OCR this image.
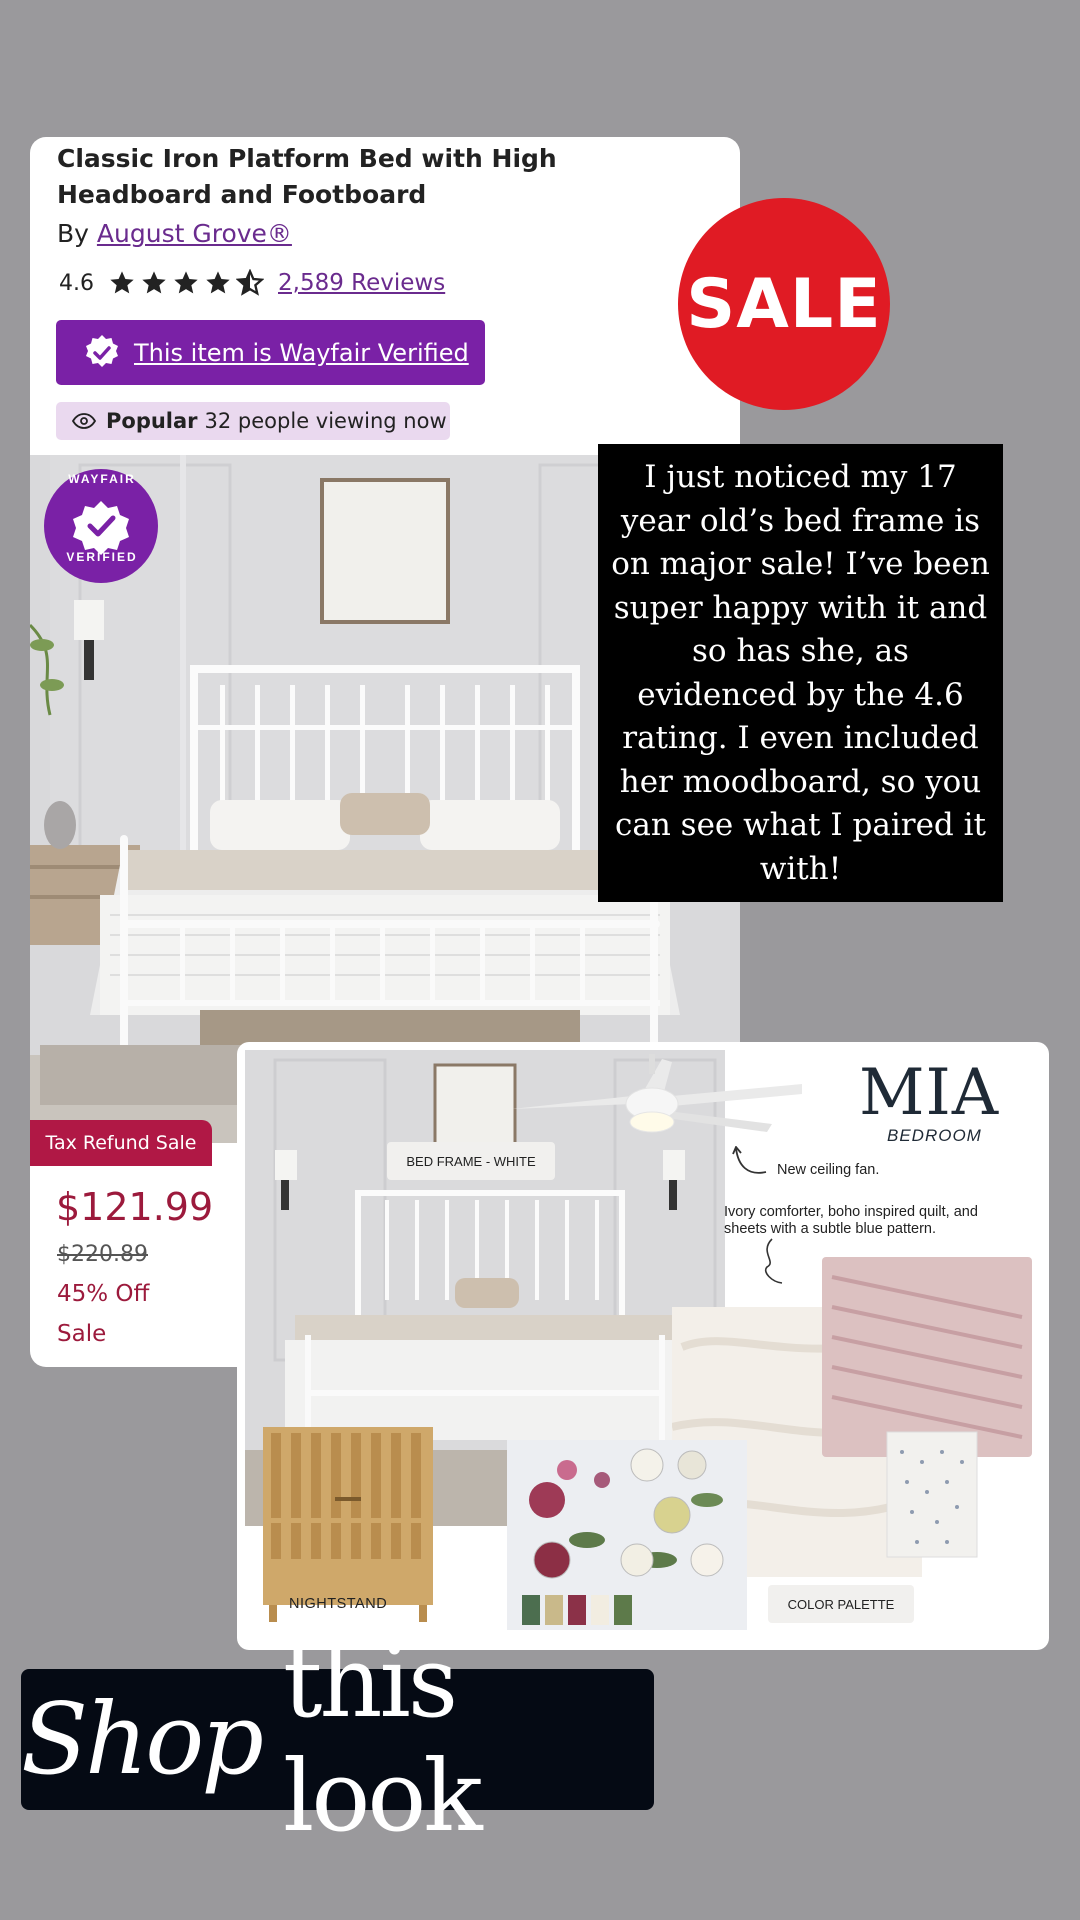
Classic Iron Platform Bed with High Headboard and Footboard
By August Grove®
4.6	2,589 Reviews
This item is Wayfair Verified
Popular 32 people viewing now
WAYFAIR
VERIFIED
Tax Refund Sale
$121.99
$220.89
45% Off
Sale
SALE
I just noticed my 17 year old’s bed frame is on major sale! I’ve been super happy with it and so has she, as evidenced by the 4.6 rating. I even included her moodboard, so you can see what I paired it with!
MIA
BEDROOM
BED FRAME - WHITE
New ceiling fan.
Ivory comforter, boho inspired quilt, and sheets with a subtle blue pattern.
NIGHTSTAND	COLOR PALETTE
Shop this look
